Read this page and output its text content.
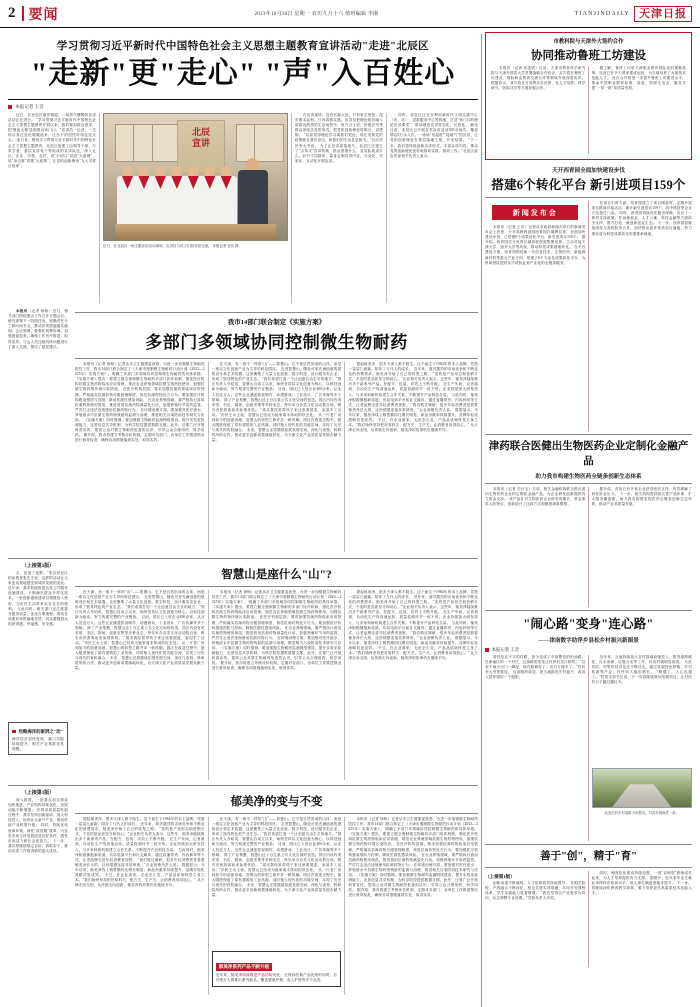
2 要闻	2023年10月30日 星期一 农历九月十六 值班编辑 李刚	TIANJINDAILY 天津日报
学习贯彻习近平新时代中国特色社会主义思想主题教育宣讲活动"走进"北辰区
"走新"更"走心" "声"入百姓心
本报记者 王音
近日，在北辰区瑞景街道，一场热气腾腾的宣讲活动正在进行。 "学习贯彻习近平新时代中国特色社会主义思想主题教育开展以来，我们紧扣群众需求，把'理论大餐'送到群众家门口。"宣讲员一边说，一边结合身边变化娓娓道来，让台下的居民听得连连点头。 连日来，围绕学习贯彻习近平新时代中国特色社会主义思想主题教育，北辰区组建了由领导干部、专家学者、基层宣讲骨干等组成的宣讲队伍，深入社区、企业、学校、农村，用"小切口"讲清"大道理"，用"身边事"讲透"大政策"，让党的创新理论"飞入寻常百姓家"。
北辰
宣讲
近日，在北辰区一场主题宣讲活动现场，宣讲员与孩子们面对面交流。 本报记者 谷岳 摄
在宣讲现场，没有长篇大论，只有家长里短；没有照本宣科，只有真情实感。宣讲员把理论知识融入到群众熟悉的生活场景中，用方言土语、快板评书等群众喜闻乐见的形式，把党的创新理论讲明白、讲透彻。 "以前觉得理论学习离我们很远，现在发现党的政策就在我们身边，和我们的生活息息相关。"社区居民李大爷说。 为了让宣讲更接地气，北辰区还建立了"点单式"宣讲机制，群众需要什么，宣讲队就讲什么。针对不同群体，量身定制宣讲内容，分众化、对象化、互动化开展宣讲。
同时，北辰区还充分利用新时代文明实践中心（所、站）、党群服务中心等阵地，打造"家门口的理论宣讲课堂"，推动理论宣讲常态化、长效化。 截至目前，北辰区已开展各类宣讲活动300余场次，覆盖群众5万余人次。一场场"有温度""接地气"的宣讲，让党的创新理论在基层落地生根、开花结果。 "下一步，我们将持续创新宣讲形式，丰富宣讲内容，推动党的创新理论更好地指导实践、推动工作。"北辰区委宣传部相关负责人表示。
本报讯（记者 徐杨）近日，相关部门围绕重点工作召开专题会议，研究部署下一阶段任务，明确责任分工和时间节点，推动各项措施落实落细。会议强调，要强化统筹协调，加强督促检查，确保工作有序推进、取得实效。与会人员还就具体问题进行了深入交流，提出了意见建议。
我市14部门联合制定《实施方案》
多部门多领域协同控制微生物耐药
本报讯（记者 徐杨）记者从市卫生健康委获悉，为进一步加强微生物耐药防控工作，我市14部门联合制定了《天津市遏制微生物耐药行动计划（2023—2025年）实施方案》，明确了多部门多领域协同控制微生物耐药的具体举措。 《实施方案》提出，要建立健全遏制微生物耐药多部门协作机制，强化医疗机构抗微生物药物临床应用管理，规范农业养殖领域抗微生物药物使用，加强抗微生物药物环境污染防治。 在医疗机构层面，要求加强抗菌药物临床应用管理，严格落实抗菌药物分级管理制度，规范抗菌药物处方行为。要加强医疗机构感染预防与控制，降低医源性感染风险。 在农业养殖领域，要严格执行兽用抗菌药物使用规范，推进兽用抗菌药物减量化行动，加强养殖环节用药监管，严厉打击违法违规使用抗菌药物行为。 在环境治理方面，要加强对医疗废水、养殖废水中抗微生物药物残留的监测与治理，推进相关污染防治技术研究与应用。 《实施方案》同时强调，要加强微生物耐药监测网络建设，提升实验室检测能力，完善信息共享机制，为科学防控提供数据支撑。此外，还要广泛开展科普宣传，提高公众对微生物耐药危害的认识，引导公众合理用药、科学用药。 据介绍，我市将建立考核评价机制，定期对各部门、各单位工作推进情况进行督导检查，确保各项措施落到实处、取得实效。
在天津，有一座不一样的"山"——智慧山。它不是自然形成的山体，而是一座以文化创意产业为主导的科技园区。 走进智慧山，随处可见充满创意的建筑设计和艺术装置。这里聚集了大量文化创意、数字科技、设计服务类企业，形成了独具特色的产业生态。 "我们希望打造一个让创意自由生长的地方。"园区负责人介绍说，智慧山自成立以来，始终坚持以文化创意为核心，以科技创新为驱动，努力构建完整的产业链条。 目前，园区已入驻企业400余家，从业人员近万人。这些企业涵盖影视制作、动漫游戏、工业设计、广告传媒等多个领域。 除了产业集聚，智慧山还十分注重公共文化空间的营造。园区内设有美术馆、书店、剧场、创意市集等多种业态，每年举办各类文化活动数百场，吸引市民游客前来参观体验。 "周末我经常带孩子来这里看展览、参加手工活动。"市民王女士说，智慧山已经成为她家周末休闲的好去处。 从一片老厂房到如今的创意高地，智慧山的转型之路并非一帆风顺。园区在改造过程中，最大限度保留了原有建筑的工业风貌，同时植入现代化的功能空间，实现了历史与现代的有机融合。 未来，智慧山还将继续拓展发展空间，深化与高校、科研院所的合作，推动更多创新成果落地转化，为天津文化产业高质量发展贡献力量。
提起郁美净，很多天津人都不陌生。这个诞生于1984年的本土品牌，凭借一袋袋儿童霜，陪伴了几代人的成长。 近年来，面对激烈的市场竞争和不断变化的消费需求，郁美净开始了自己的转型之路。 "变的是产品形态和营销方式，不变的是品质坚守和初心。"企业相关负责人表示，这些年，郁美净陆续推出多个新系列产品，在配方、包装、功效上不断升级。 在生产车间，记者看到，自动化生产线高速运转，质量检测环节一丝不苟。企业持续加大研发投入，与多家科研机构建立合作关系，不断提升产品科技含量。 与此同时，郁美净积极拥抱新渠道，布局电商平台和社交媒体，通过直播带货、内容种草等方式，让老品牌走进年轻消费者视野。 "我们做过调研，很多年轻消费者是看着郁美净长大的，这份情感连接非常珍贵。"企业营销负责人说。 数据显示，今年以来，郁美净线上销售额同比增长明显，新品贡献率持续提升，品牌年轻化战略初见成效。 不过，在企业看来，无论怎么变，产品品质始终是立身之本。"我们始终坚持把好原料关、配方关、生产关，让消费者用得放心。" 从天津走向全国，从传统走向创新，郁美净的故事仍在继续书写。
（上接第1版）
走、拓宽了视野。"来自河北区的参观者张先生说，这样的活动让大家更直观地感受到城市发展的变化。 近年来，我市持续推进各类公共服务设施建设，不断满足群众多样化需求。一批批新建改建项目相继投入使用，为市民生活带来实实在在的便利。 与此同时，相关部门还注重提升服务质量，优化办事流程，推动各项惠民举措落地见效，切实增强群众的获得感、幸福感、安全感。
经略海洋的澎湃之"动"
海洋经济加快发展，港口功能持续提升，相关产业集群初具规模。
智慧山是座什么"山"?
在天津，有一座不一样的"山"——智慧山。它不是自然形成的山体，而是一座以文化创意产业为主导的科技园区。 走进智慧山，随处可见充满创意的建筑设计和艺术装置。这里聚集了大量文化创意、数字科技、设计服务类企业，形成了独具特色的产业生态。 "我们希望打造一个让创意自由生长的地方。"园区负责人介绍说，智慧山自成立以来，始终坚持以文化创意为核心，以科技创新为驱动，努力构建完整的产业链条。 目前，园区已入驻企业400余家，从业人员近万人。这些企业涵盖影视制作、动漫游戏、工业设计、广告传媒等多个领域。 除了产业集聚，智慧山还十分注重公共文化空间的营造。园区内设有美术馆、书店、剧场、创意市集等多种业态，每年举办各类文化活动数百场，吸引市民游客前来参观体验。 "周末我经常带孩子来这里看展览、参加手工活动。"市民王女士说，智慧山已经成为她家周末休闲的好去处。 从一片老厂房到如今的创意高地，智慧山的转型之路并非一帆风顺。园区在改造过程中，最大限度保留了原有建筑的工业风貌，同时植入现代化的功能空间，实现了历史与现代的有机融合。 未来，智慧山还将继续拓展发展空间，深化与高校、科研院所的合作，推动更多创新成果落地转化，为天津文化产业高质量发展贡献力量。
本报讯（记者 徐杨）记者从市卫生健康委获悉，为进一步加强微生物耐药防控工作，我市14部门联合制定了《天津市遏制微生物耐药行动计划（2023—2025年）实施方案》，明确了多部门多领域协同控制微生物耐药的具体举措。 《实施方案》提出，要建立健全遏制微生物耐药多部门协作机制，强化医疗机构抗微生物药物临床应用管理，规范农业养殖领域抗微生物药物使用，加强抗微生物药物环境污染防治。 在医疗机构层面，要求加强抗菌药物临床应用管理，严格落实抗菌药物分级管理制度，规范抗菌药物处方行为。要加强医疗机构感染预防与控制，降低医源性感染风险。 在农业养殖领域，要严格执行兽用抗菌药物使用规范，推进兽用抗菌药物减量化行动，加强养殖环节用药监管，严厉打击违法违规使用抗菌药物行为。 在环境治理方面，要加强对医疗废水、养殖废水中抗微生物药物残留的监测与治理，推进相关污染防治技术研究与应用。 《实施方案》同时强调，要加强微生物耐药监测网络建设，提升实验室检测能力，完善信息共享机制，为科学防控提供数据支撑。此外，还要广泛开展科普宣传，提高公众对微生物耐药危害的认识，引导公众合理用药、科学用药。 据介绍，我市将建立考核评价机制，定期对各部门、各单位工作推进情况进行督导检查，确保各项措施落到实处、取得实效。
提起郁美净，很多天津人都不陌生。这个诞生于1984年的本土品牌，凭借一袋袋儿童霜，陪伴了几代人的成长。 近年来，面对激烈的市场竞争和不断变化的消费需求，郁美净开始了自己的转型之路。 "变的是产品形态和营销方式，不变的是品质坚守和初心。"企业相关负责人表示，这些年，郁美净陆续推出多个新系列产品，在配方、包装、功效上不断升级。 在生产车间，记者看到，自动化生产线高速运转，质量检测环节一丝不苟。企业持续加大研发投入，与多家科研机构建立合作关系，不断提升产品科技含量。 与此同时，郁美净积极拥抱新渠道，布局电商平台和社交媒体，通过直播带货、内容种草等方式，让老品牌走进年轻消费者视野。 "我们做过调研，很多年轻消费者是看着郁美净长大的，这份情感连接非常珍贵。"企业营销负责人说。 数据显示，今年以来，郁美净线上销售额同比增长明显，新品贡献率持续提升，品牌年轻化战略初见成效。 不过，在企业看来，无论怎么变，产品品质始终是立身之本。"我们始终坚持把好原料关、配方关、生产关，让消费者用得放心。" 从天津走向全国，从传统走向创新，郁美净的故事仍在继续书写。
（上接第1版）
深入推进，一批重点项目建设加快推进，产业结构持续优化，发展动能不断增强。 在推动高质量发展过程中，我市坚持创新驱动，加大科技投入，培育壮大新兴产业，推动传统产业转型升级。 同时，持续优化营商环境，深化"放管服"改革，为各类市场主体发展创造良好条件，激发市场活力和社会创造力。 下一步，我市将继续锚定目标，真抓实干，推动各项工作取得新的更大成效。
郁美净的变与不变
提起郁美净，很多天津人都不陌生。这个诞生于1984年的本土品牌，凭借一袋袋儿童霜，陪伴了几代人的成长。 近年来，面对激烈的市场竞争和不断变化的消费需求，郁美净开始了自己的转型之路。 "变的是产品形态和营销方式，不变的是品质坚守和初心。"企业相关负责人表示，这些年，郁美净陆续推出多个新系列产品，在配方、包装、功效上不断升级。 在生产车间，记者看到，自动化生产线高速运转，质量检测环节一丝不苟。企业持续加大研发投入，与多家科研机构建立合作关系，不断提升产品科技含量。 与此同时，郁美净积极拥抱新渠道，布局电商平台和社交媒体，通过直播带货、内容种草等方式，让老品牌走进年轻消费者视野。 "我们做过调研，很多年轻消费者是看着郁美净长大的，这份情感连接非常珍贵。"企业营销负责人说。 数据显示，今年以来，郁美净线上销售额同比增长明显，新品贡献率持续提升，品牌年轻化战略初见成效。 不过，在企业看来，无论怎么变，产品品质始终是立身之本。"我们始终坚持把好原料关、配方关、生产关，让消费者用得放心。" 从天津走向全国，从传统走向创新，郁美净的故事仍在继续书写。
在天津，有一座不一样的"山"——智慧山。它不是自然形成的山体，而是一座以文化创意产业为主导的科技园区。 走进智慧山，随处可见充满创意的建筑设计和艺术装置。这里聚集了大量文化创意、数字科技、设计服务类企业，形成了独具特色的产业生态。 "我们希望打造一个让创意自由生长的地方。"园区负责人介绍说，智慧山自成立以来，始终坚持以文化创意为核心，以科技创新为驱动，努力构建完整的产业链条。 目前，园区已入驻企业400余家，从业人员近万人。这些企业涵盖影视制作、动漫游戏、工业设计、广告传媒等多个领域。 除了产业集聚，智慧山还十分注重公共文化空间的营造。园区内设有美术馆、书店、剧场、创意市集等多种业态，每年举办各类文化活动数百场，吸引市民游客前来参观体验。 "周末我经常带孩子来这里看展览、参加手工活动。"市民王女士说，智慧山已经成为她家周末休闲的好去处。 从一片老厂房到如今的创意高地，智慧山的转型之路并非一帆风顺。园区在改造过程中，最大限度保留了原有建筑的工业风貌，同时植入现代化的功能空间，实现了历史与现代的有机融合。 未来，智慧山还将继续拓展发展空间，深化与高校、科研院所的合作，推动更多创新成果落地转化，为天津文化产业高质量发展贡献力量。
郁美净系列产品不断升级
近年来，郁美净持续推进产品结构优化，在保持经典产品优势的同时，针对细分人群推出系列新品，覆盖婴童护理、成人护肤等多个品类。
本报讯（记者 徐杨）记者从市卫生健康委获悉，为进一步加强微生物耐药防控工作，我市14部门联合制定了《天津市遏制微生物耐药行动计划（2023—2025年）实施方案》，明确了多部门多领域协同控制微生物耐药的具体举措。 《实施方案》提出，要建立健全遏制微生物耐药多部门协作机制，强化医疗机构抗微生物药物临床应用管理，规范农业养殖领域抗微生物药物使用，加强抗微生物药物环境污染防治。 在医疗机构层面，要求加强抗菌药物临床应用管理，严格落实抗菌药物分级管理制度，规范抗菌药物处方行为。要加强医疗机构感染预防与控制，降低医源性感染风险。 在农业养殖领域，要严格执行兽用抗菌药物使用规范，推进兽用抗菌药物减量化行动，加强养殖环节用药监管，严厉打击违法违规使用抗菌药物行为。 在环境治理方面，要加强对医疗废水、养殖废水中抗微生物药物残留的监测与治理，推进相关污染防治技术研究与应用。 《实施方案》同时强调，要加强微生物耐药监测网络建设，提升实验室检测能力，完善信息共享机制，为科学防控提供数据支撑。此外，还要广泛开展科普宣传，提高公众对微生物耐药危害的认识，引导公众合理用药、科学用药。 据介绍，我市将建立考核评价机制，定期对各部门、各单位工作推进情况进行督导检查，确保各项措施落到实处、取得实效。
市教科院与天津外大签约合作
协同推动鲁班工坊建设
本报讯（记者 张雯婧）日前，天津市教育科学研究院与天津外国语大学签署战略合作协议，双方将在鲁班工坊建设、国际职业教育交流合作等领域开展深度协作。 根据协议，双方将充分发挥各自优势，在人才培养、科学研究、资源共享等方面加强合作。
据了解，鲁班工坊是天津职业教育国际化的重要品牌，目前已在多个国家建成运营，为当地培养了大批技术技能人才。 此次合作将进一步提升鲁班工坊建设水平，推动中国职业教育标准、装备、资源走出去，服务共建"一带一路"高质量发展。
天开西青园全面加快建设步伐
搭建6个转化平台 新引进项目159个
新闻发布会
本报讯（记者 王音）记者从市政府新闻办举行的新闻发布会上获悉，天开高教科创园西青园自揭牌以来，全面加快建设步伐，已搭建6个成果转化平台，新引进项目159个。 据介绍，西青园充分发挥区域高校资源集聚优势，主动对接天津大学、南开大学等高校，推动科技成果就地转化。 在平台建设方面，西青园围绕新一代信息技术、生物医药、新能源新材料等重点产业方向，搭建了6个专业化成果转化平台，为科研团队提供从中试验证到产业化的全链条服务。
在项目引育方面，西青园建立了项目储备库，定期开展项目路演对接活动，累计新引进项目159个，其中科技型企业占比超过八成。 同时，西青园持续优化服务保障，出台了一系列支持政策，在场地租金、人才公寓、科技金融等方面给予支持，着力打造一流创新创业生态。 下一步，西青园将继续深化与高校院所合作，加快推动更多优质项目落地，努力建设成为科技成果转化的重要承载地。
津药联合医健出生物医药企业定制化金融产品
助力我市构建生物医药全链条创新生态体系
本报讯（记者 岳付玉）日前，相关金融机构联合推出面向生物医药企业的定制化金融产品，为企业研发创新提供有力资金支持。 该产品针对生物医药企业研发周期长、资金需求大的特点，创新设计了还款方式和额度测算模型。
据介绍，首批已有多家企业获得授信支持，有效缓解了研发资金压力。 下一步，相关机构将持续完善产品体系，扩大服务覆盖面，助力我市构建生物医药全链条创新生态体系，推动产业高质量发展。
"闹心路"变身"连心路"
——津南数字助浮乡县松乡村振兴新图景
本报记者 王音
曾经坑洼不平的村路，如今变成了平坦整洁的柏油路。在津南区的一个村庄，这条路的变化让村民们交口称赞。 "以前下雨天出门一脚泥，现在路修好了，出行方便多了。"村民李大爷笑着说。 这条路的改造，是当地推进乡村振兴、改善人居环境的一个缩影。
近年来，当地持续加大农村基础设施投入，推进道路硬化、污水治理、垃圾分类等工作，村容村貌明显改善。 与此同时，村集体经济也在不断壮大。通过发展特色种植、乡村旅游等产业，村民收入稳步增长。 "路通了，人心也通了。"村党支部书记说，下一步将继续谋划发展项目，让村民的日子越过越红火。
改造后的乡村道路平坦整洁，村容村貌焕然一新。
善于"创"，精于"育"
（上接第1版）
创新成果不断涌现，人才培养质效持续提升。 在相关院校，产教融合不断深化，校企共建实训基地，共同开发课程体系，学生实践能力显著增强。 "我们坚持以产业需求为导向，动态调整专业设置。"学校负责人介绍。
同时，师资队伍建设持续加强，一批"双师型"教师成长起来，为人才培养提供有力支撑。 据统计，近年来毕业生就业率保持在较高水平，用人单位满意度稳步提升。 下一步，将继续深化教育教学改革，着力培养更多高素质技术技能人才。
